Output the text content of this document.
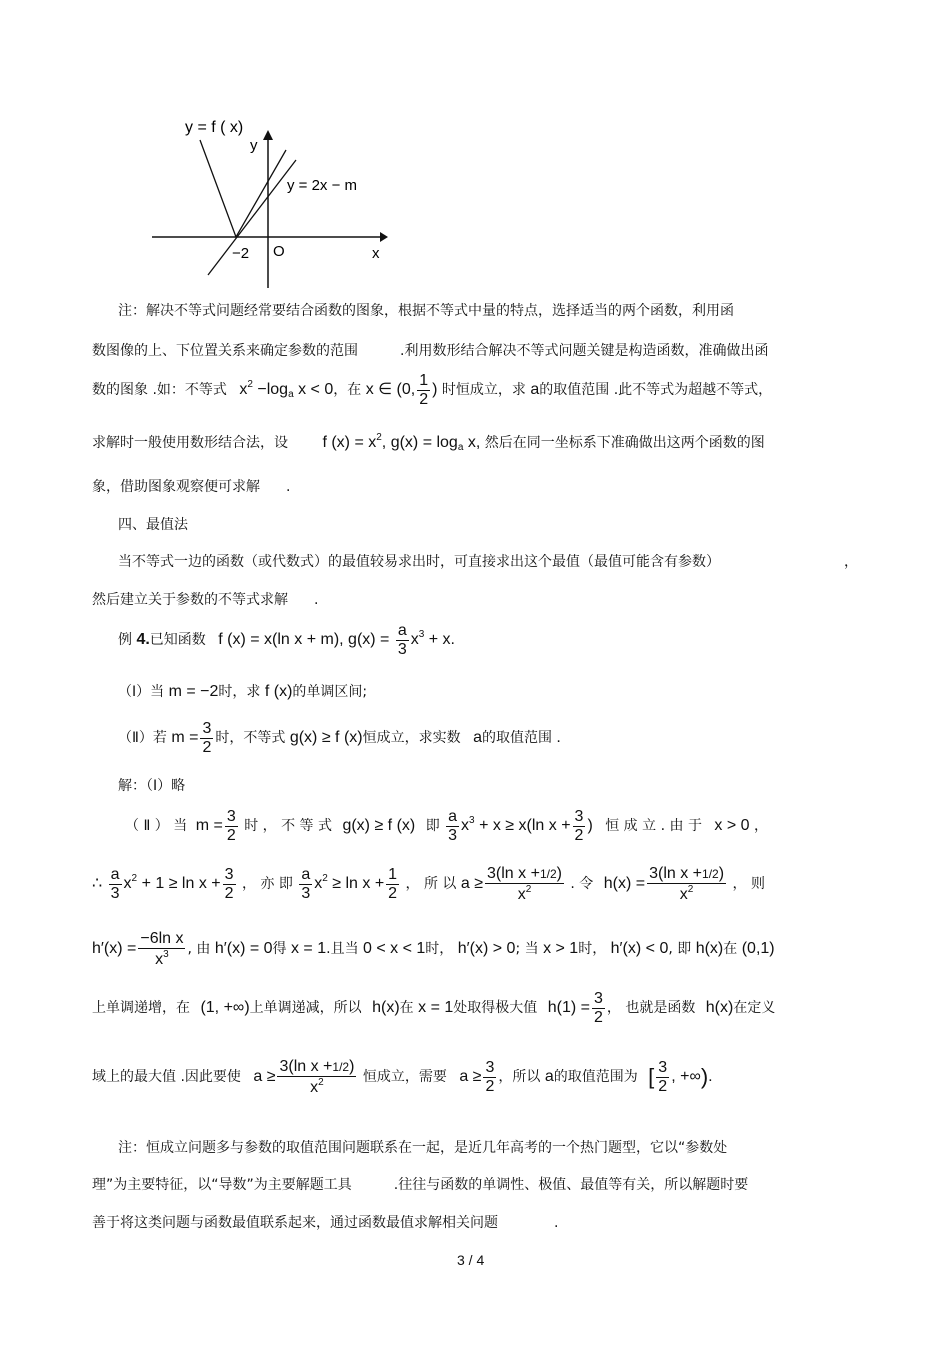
y = f ( x)
y
y = 2x − m
−2 O	x
注：解决不等式问题经常要结合函数的图象，根据不等式中量的特点，选择适当的两个函数，利用函
数图像的上、下位置关系来确定参数的范围	.利用数形结合解决不等式问题关键是构造函数，准确做出函
数的图象 .如：不等式 $x^2 -\log_a$ x < 0，在 x ∈ (0, $\frac{1}{2}$ ) 时恒成立，求 a的取值范围 .此不等式为超越不等式，
求解时一般使用数形结合法，设 f $(x) = x^2$, $g(x) = \log_a x$, 然后在同一坐标系下准确做出这两个函数的图
象，借助图象观察便可求解 .
四、最值法
当不等式一边的函数（或代数式）的最值较易求出时，可直接求出这个最值（最值可能含有参数）	，
然后建立关于参数的不等式求解 .
例 4.已知函数 f (x) = x(ln x + m), $g(x) = \frac{a}{3} x^3 + x$.
（Ⅰ）当 m = −2时，求 f (x)的单调区间;
（Ⅱ）若 $m = \frac{3}{2}$ 时，不等式 g(x) ≥ f (x)恒成立，求实数 a的取值范围 .
解：（Ⅰ）略
（ Ⅱ ） 当 $m = \frac{3}{2}$ 时 ， 不 等 式 g(x) ≥ f (x) 即 $\frac{a}{3} x^3 + x \ge x(\ln$ $x + \frac{3}{2}$ ) 恒 成 立 . 由 于 x > 0 ，
∴ $\frac{a}{3} x^2 + 1 \ge \ln x + \frac{3}{2}$ ， 亦 即 $\frac{a}{3} x^2 \ge \ln x + \frac{1}{2}$ ， 所 以 $a \ge \frac{\text{3(ln x +1/2)}}{x^2}$ . 令 $h(x) = \frac{\text{3(ln x +1/2)}}{x^2}$ ， 则
$h'(x) = \frac{\text{−6ln x}}{x^3}$ , 由 h′(x) = 0得 x = 1.且当 0 < x < 1时， h′(x) > 0; 当 x > 1时， h′(x) < 0, 即 h(x)在 (0,1)
上单调递增，在 (1, +∞)上单调递减，所以 h(x)在 x = 1处取得极大值 $h(1) = \frac{3}{2}$ ， 也就是函数 h(x)在定义
域上的最大值 .因此要使 $a \ge \frac{\text{3(ln x +1/2)}}{x^2}$ 恒成立，需要 $a \ge \frac{3}{2}$ ，所以 a的取值范围为 [ $\frac{3}{2}$ , +∞).
注：恒成立问题多与参数的取值范围问题联系在一起，是近几年高考的一个热门题型，它以“参数处
理”为主要特征，以“导数”为主要解题工具	.往往与函数的单调性、极值、最值等有关，所以解题时要
善于将这类问题与函数最值联系起来，通过函数最值求解相关问题	.
3 / 4
